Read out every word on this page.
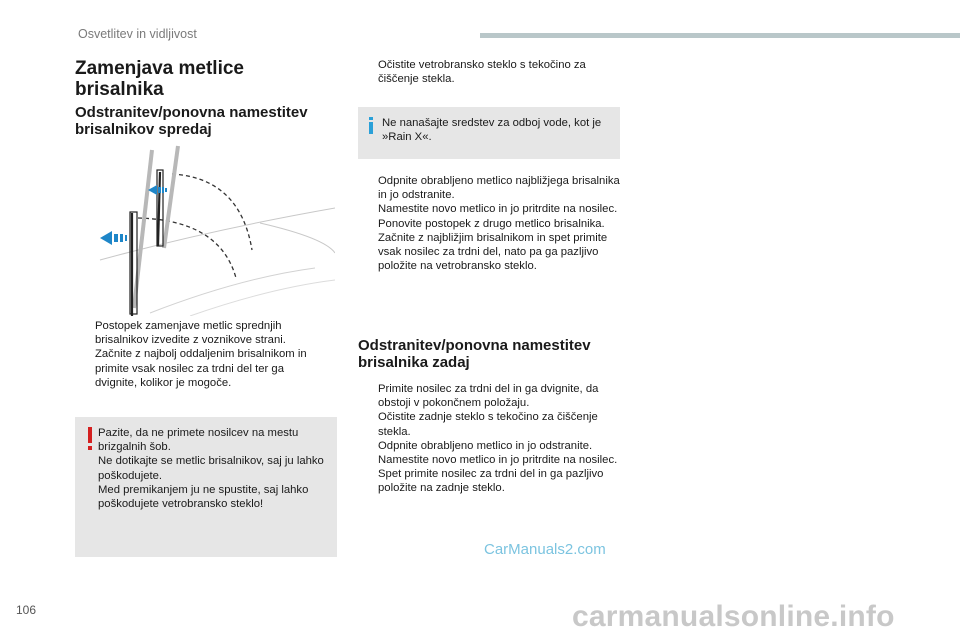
Osvetlitev in vidljivost
Zamenjava metlice brisalnika
Odstranitev/ponovna namestitev brisalnikov spredaj
Postopek zamenjave metlic sprednjih brisalnikov izvedite z voznikove strani.
Začnite z najbolj oddaljenim brisalnikom in primite vsak nosilec za trdni del ter ga dvignite, kolikor je mogoče.
Pazite, da ne primete nosilcev na mestu brizgalnih šob.
Ne dotikajte se metlic brisalnikov, saj ju lahko poškodujete.
Med premikanjem ju ne spustite, saj lahko poškodujete vetrobransko steklo!
Očistite vetrobransko steklo s tekočino za čiščenje stekla.
Ne nanašajte sredstev za odboj vode, kot je »Rain X«.
Odpnite obrabljeno metlico najbližjega brisalnika in jo odstranite.
Namestite novo metlico in jo pritrdite na nosilec.
Ponovite postopek z drugo metlico brisalnika.
Začnite z najbližjim brisalnikom in spet primite vsak nosilec za trdni del, nato pa ga pazljivo položite na vetrobransko steklo.
Odstranitev/ponovna namestitev brisalnika zadaj
Primite nosilec za trdni del in ga dvignite, da obstoji v pokončnem položaju.
Očistite zadnje steklo s tekočino za čiščenje stekla.
Odpnite obrabljeno metlico in jo odstranite.
Namestite novo metlico in jo pritrdite na nosilec.
Spet primite nosilec za trdni del in ga pazljivo položite na zadnje steklo.
CarManuals2.com
106	carmanualsonline.info
